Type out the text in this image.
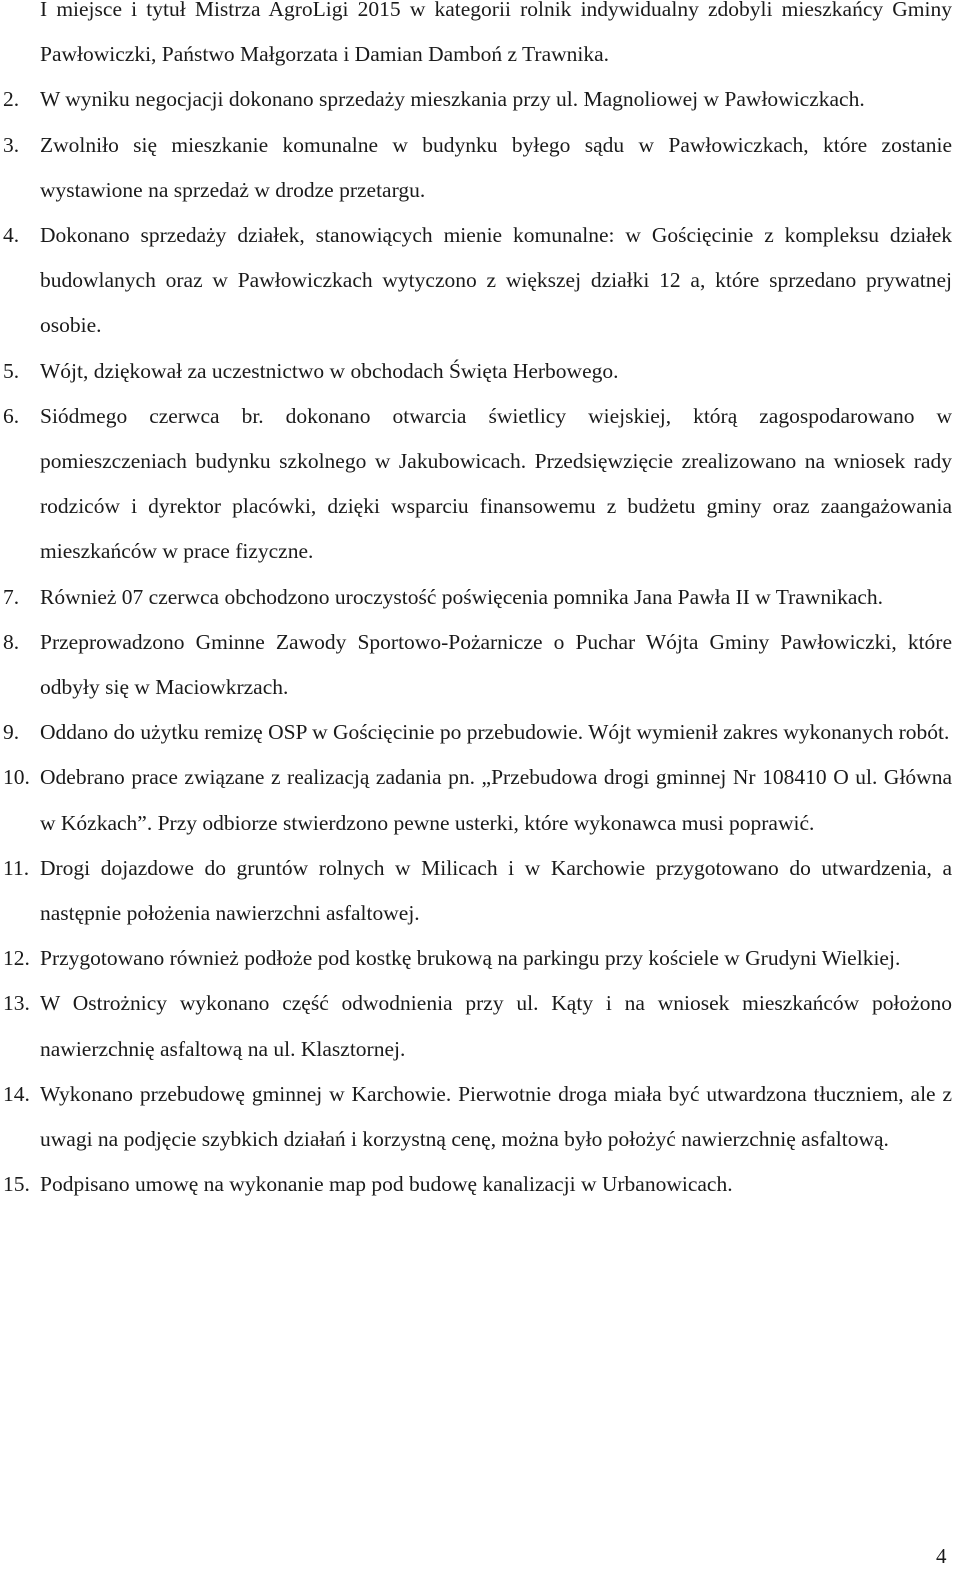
I miejsce i tytuł Mistrza AgroLigi 2015 w kategorii rolnik indywidualny zdobyli mieszkańcy Gminy Pawłowiczki, Państwo Małgorzata i Damian Damboń z Trawnika.

2. W wyniku negocjacji dokonano sprzedaży mieszkania przy ul. Magnoliowej w Pawłowiczkach.
3. Zwolniło się mieszkanie komunalne w budynku byłego sądu w Pawłowiczkach, które zostanie wystawione na sprzedaż w drodze przetargu.
4. Dokonano sprzedaży działek, stanowiących mienie komunalne: w Gościęcinie z kompleksu działek budowlanych oraz w Pawłowiczkach wytyczono z większej działki 12 a, które sprzedano prywatnej osobie.
5. Wójt, dziękował za uczestnictwo w obchodach Święta Herbowego.
6. Siódmego czerwca br. dokonano otwarcia świetlicy wiejskiej, którą zagospodarowano w pomieszczeniach budynku szkolnego w Jakubowicach. Przedsięwzięcie zrealizowano na wniosek rady rodziców i dyrektor placówki, dzięki wsparciu finansowemu z budżetu gminy oraz zaangażowania mieszkańców w prace fizyczne.
7. Również 07 czerwca obchodzono uroczystość poświęcenia pomnika Jana Pawła II w Trawnikach.
8. Przeprowadzono Gminne Zawody Sportowo-Pożarnicze o Puchar Wójta Gminy Pawłowiczki, które odbyły się w Maciowkrzach.
9. Oddano do użytku remizę OSP w Gościęcinie po przebudowie. Wójt wymienił zakres wykonanych robót.
10. Odebrano prace związane z realizacją zadania pn. „Przebudowa drogi gminnej Nr 108410 O ul. Główna w Kózkach”. Przy odbiorze stwierdzono pewne usterki, które wykonawca musi poprawić.
11. Drogi dojazdowe do gruntów rolnych w Milicach i w Karchowie przygotowano do utwardzenia, a następnie położenia nawierzchni asfaltowej.
12. Przygotowano również podłoże pod kostkę brukową na parkingu przy kościele w Grudyni Wielkiej.
13. W Ostrożnicy wykonano część odwodnienia przy ul. Kąty i na wniosek mieszkańców położono nawierzchnię asfaltową na ul. Klasztornej.
14. Wykonano przebudowę gminnej w Karchowie. Pierwotnie droga miała być utwardzona tłuczniem, ale z uwagi na podjęcie szybkich działań i korzystną cenę, można było położyć nawierzchnię asfaltową.
15. Podpisano umowę na wykonanie map pod budowę kanalizacji w Urbanowicach.
4
